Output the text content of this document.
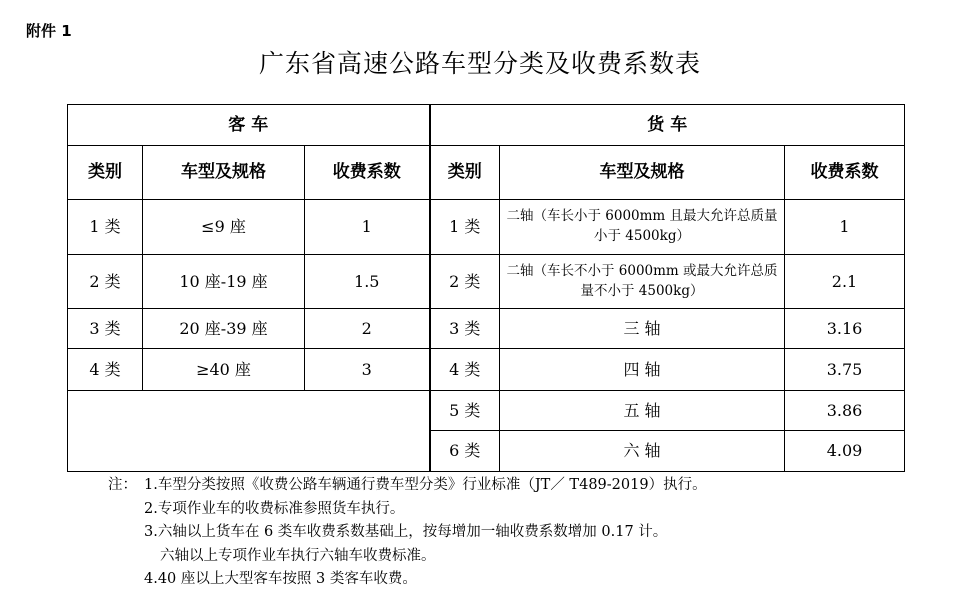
附件 1
广东省高速公路车型分类及收费系数表
客 车			货 车		
类别	车型及规格	收费系数	类别	车型及规格	收费系数
1 类	≤9 座	1	1 类	二轴（车长小于 6000mm 且最大允许总质量小于 4500kg）	1
2 类	10 座-19 座	1.5	2 类	二轴（车长不小于 6000mm 或最大允许总质量不小于 4500kg）	2.1
3 类	20 座-39 座	2	3 类	三 轴	3.16
4 类	≥40 座	3	4 类	四 轴	3.75
			5 类	五 轴	3.86
			6 类	六 轴	4.09
注： 1.车型分类按照《收费公路车辆通行费车型分类》行业标准（JT／ T489-2019）执行。
2.专项作业车的收费标准参照货车执行。
3.六轴以上货车在 6 类车收费系数基础上，按每增加一轴收费系数增加 0.17 计。
六轴以上专项作业车执行六轴车收费标准。
4.40 座以上大型客车按照 3 类客车收费。
